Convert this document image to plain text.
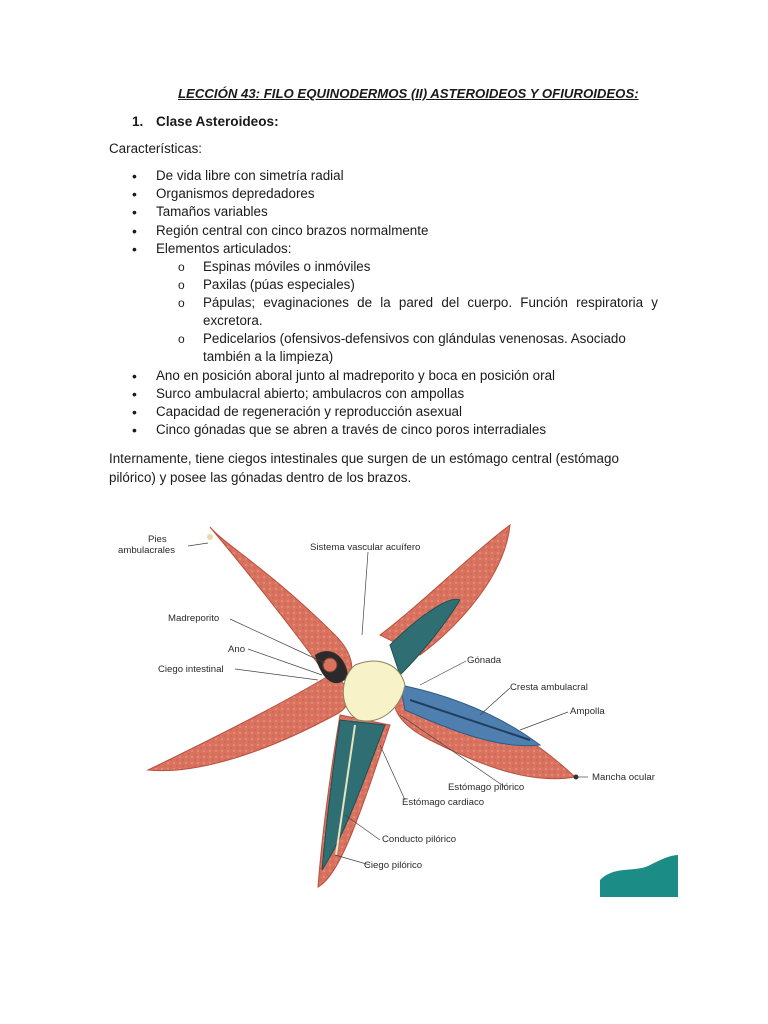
LECCIÓN 43: FILO EQUINODERMOS (II) ASTEROIDEOS Y OFIUROIDEOS:
1. Clase Asteroideos:
Características:
• De vida libre con simetría radial
• Organismos depredadores
• Tamaños variables
• Región central con cinco brazos normalmente
• Elementos articulados:
o Espinas móviles o inmóviles
o Paxilas (púas especiales)
o Pápulas; evaginaciones de la pared del cuerpo. Función respiratoria y excretora.
o Pedicelarios (ofensivos-defensivos con glándulas venenosas. Asociado también a la limpieza)
• Ano en posición aboral junto al madreporito y boca en posición oral
• Surco ambulacral abierto; ambulacros con ampollas
• Capacidad de regeneración y reproducción asexual
• Cinco gónadas que se abren a través de cinco poros interradiales
Internamente, tiene ciegos intestinales que surgen de un estómago central (estómago pilórico) y posee las gónadas dentro de los brazos.
Pies
ambulacrales	Sistema vascular acuífero
Madreporito
Ano
Ciego intestinal
Gónada
Cresta ambulacral
Ampolla
Mancha ocular
Estómago pilórico
Estómago cardiaco
Conducto pilórico
Ciego pilórico
